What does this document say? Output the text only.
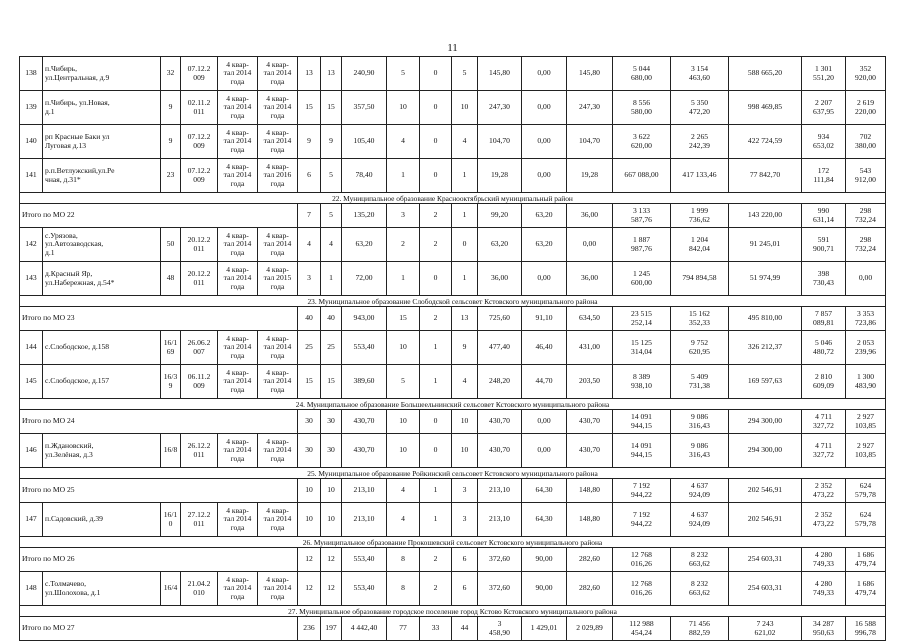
11
138	п.Чибирь,
ул.Центральная, д.9	32	07.12.2
009	4 квар-
тал 2014
года	4 квар-
тал 2014
года	13	13	240,90	5	0	5	145,80	0,00	145,80	5 044
680,00	3 154
463,60	588 665,20	1 301
551,20	352
920,00
139	п.Чибирь, ул.Новая,
д.1	9	02.11.2
011	4 квар-
тал 2014
года	4 квар-
тал 2014
года	15	15	357,50	10	0	10	247,30	0,00	247,30	8 556
580,00	5 350
472,20	998 469,85	2 207
637,95	2 619
220,00
140	рп Красные Баки ул
Луговая д.13	9	07.12.2
009	4 квар-
тал 2014
года	4 квар-
тал 2014
года	9	9	105,40	4	0	4	104,70	0,00	104,70	3 622
620,00	2 265
242,39	422 724,59	934
653,02	702
380,00
141	р.п.Ветлужский,ул.Ре
чная, д.31*	23	07.12.2
009	4 квар-
тал 2014
года	4 квар-
тал 2016
года	6	5	78,40	1	0	1	19,28	0,00	19,28	667 088,00	417 133,46	77 842,70	172
111,84	543
912,00
22. Муниципальное образование Краснооктябрьский муниципальный район																			
Итого по МО 22						7	5	135,20	3	2	1	99,20	63,20	36,00	3 133
587,76	1 999
736,62	143 220,00	990
631,14	298
732,24
142	с.Урязова,
ул.Автозаводская,
д.1	50	20.12.2
011	4 квар-
тал 2014
года	4 квар-
тал 2014
года	4	4	63,20	2	2	0	63,20	63,20	0,00	1 887
987,76	1 204
842,04	91 245,01	591
900,71	298
732,24
143	д.Красный Яр,
ул.Набережная, д.54*	48	20.12.2
011	4 квар-
тал 2014
года	4 квар-
тал 2015
года	3	1	72,00	1	0	1	36,00	0,00	36,00	1 245
600,00	794 894,58	51 974,99	398
730,43	0,00
23. Муниципальное образование Слободской сельсовет Кстовского муниципального района																			
Итого по МО 23						40	40	943,00	15	2	13	725,60	91,10	634,50	23 515
252,14	15 162
352,33	495 810,00	7 857
089,81	3 353
723,86
144	с.Слободское, д.158	16/1
69	26.06.2
007	4 квар-
тал 2014
года	4 квар-
тал 2014
года	25	25	553,40	10	1	9	477,40	46,40	431,00	15 125
314,04	9 752
620,95	326 212,37	5 046
480,72	2 053
239,96
145	с.Слободское, д.157	16/3
9	06.11.2
009	4 квар-
тал 2014
года	4 квар-
тал 2014
года	15	15	389,60	5	1	4	248,20	44,70	203,50	8 389
938,10	5 409
731,38	169 597,63	2 810
609,09	1 300
483,90
24. Муниципальное образование Большеельнинский сельсовет Кстовского муниципального района																			
Итого по МО 24						30	30	430,70	10	0	10	430,70	0,00	430,70	14 091
944,15	9 086
316,43	294 300,00	4 711
327,72	2 927
103,85
146	п.Ждановский,
ул.Зелёная, д.3	16/8	26.12.2
011	4 квар-
тал 2014
года	4 квар-
тал 2014
года	30	30	430,70	10	0	10	430,70	0,00	430,70	14 091
944,15	9 086
316,43	294 300,00	4 711
327,72	2 927
103,85
25. Муниципальное образование Ройкинский сельсовет Кстовского муниципального района																			
Итого по МО 25						10	10	213,10	4	1	3	213,10	64,30	148,80	7 192
944,22	4 637
924,09	202 546,91	2 352
473,22	624
579,78
147	п.Садовский, д.39	16/1
0	27.12.2
011	4 квар-
тал 2014
года	4 квар-
тал 2014
года	10	10	213,10	4	1	3	213,10	64,30	148,80	7 192
944,22	4 637
924,09	202 546,91	2 352
473,22	624
579,78
26. Муниципальное образование Прокошевский сельсовет Кстовского муниципального района																			
Итого по МО 26						12	12	553,40	8	2	6	372,60	90,00	282,60	12 768
016,26	8 232
663,62	254 603,31	4 280
749,33	1 686
479,74
148	с.Толмачево,
ул.Шолохова, д.1	16/4	21.04.2
010	4 квар-
тал 2014
года	4 квар-
тал 2014
года	12	12	553,40	8	2	6	372,60	90,00	282,60	12 768
016,26	8 232
663,62	254 603,31	4 280
749,33	1 686
479,74
27. Муниципальное образование городское поселение город Кстово Кстовского муниципального района																			
Итого по МО 27						236	197	4 442,40	77	33	44	3
458,90	1 429,01	2 029,89	112 988
454,24	71 456
882,59	7 243
621,02	34 287
950,63	16 588
996,78
